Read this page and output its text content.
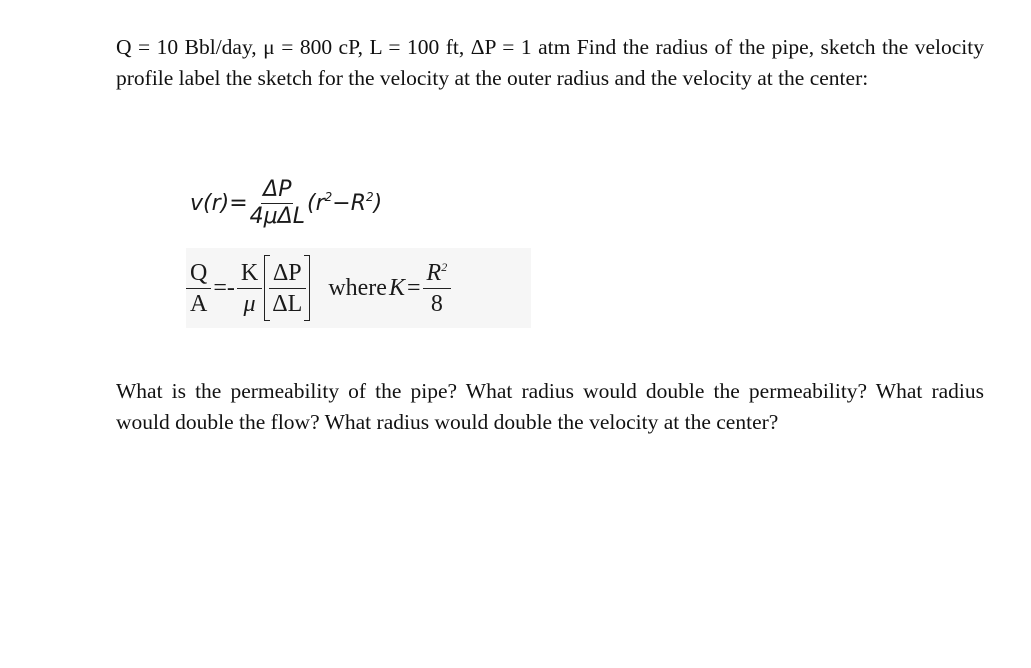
Q = 10 Bbl/day, μ = 800 cP, L = 100 ft, ΔP = 1 atm Find the radius of the pipe, sketch the velocity profile label the sketch for the velocity at the outer radius and the velocity at the center:

$v(r)= \frac{\Delta P}{\text{4μΔL}} (r^2-R^2)$
$\frac{Q}{A} =- \frac{K}{\mu} \frac{\Delta P}{\Delta L}$ where $K = \frac{R^2}{8}$

What is the permeability of the pipe? What radius would double the permeability? What radius would double the flow? What radius would double the velocity at the center?
